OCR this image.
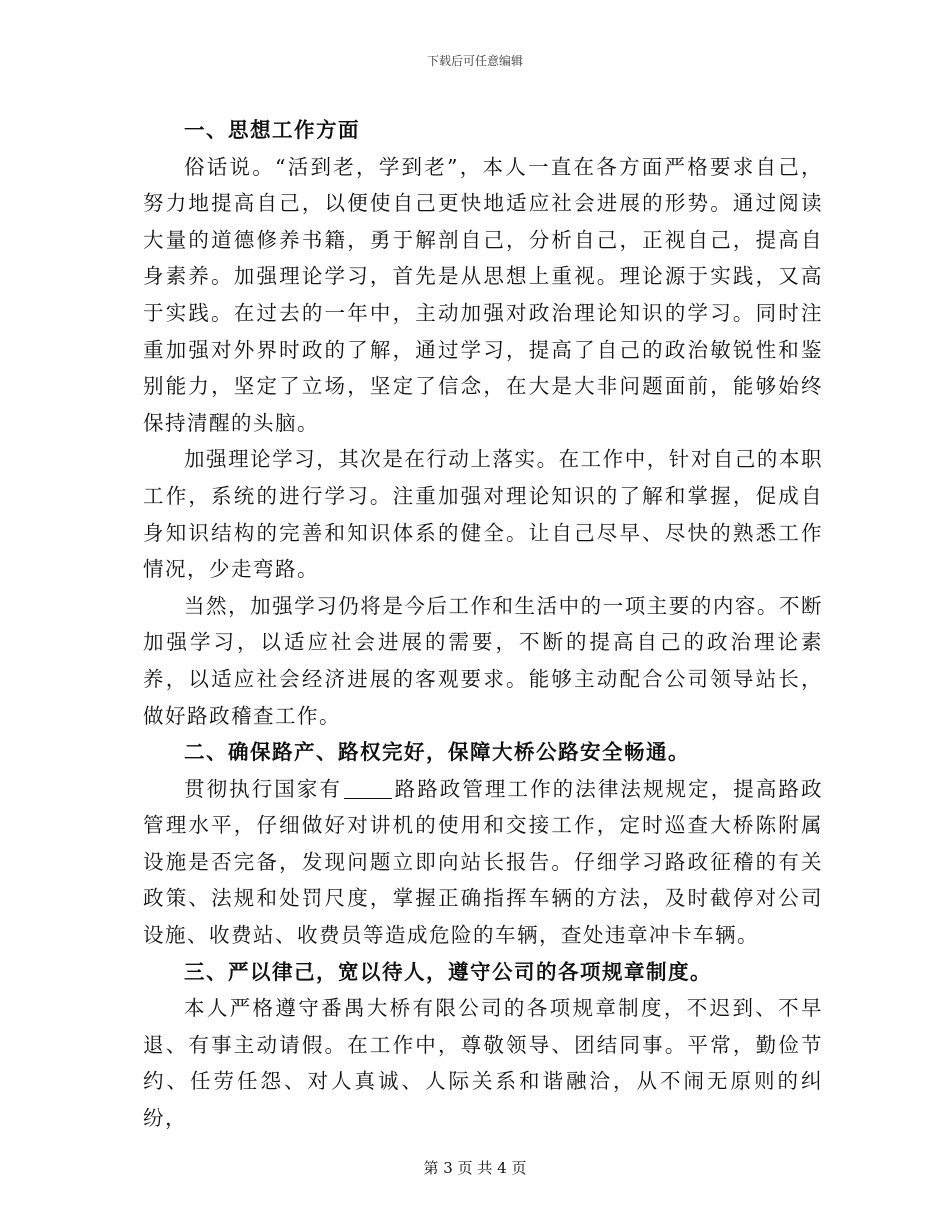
下载后可任意编辑
一、思想工作方面

俗话说。“活到老，学到老”，本人一直在各方面严格要求自己，努力地提高自己，以便使自己更快地适应社会进展的形势。通过阅读大量的道德修养书籍，勇于解剖自己，分析自己，正视自己，提高自身素养。加强理论学习，首先是从思想上重视。理论源于实践，又高于实践。在过去的一年中，主动加强对政治理论知识的学习。同时注重加强对外界时政的了解，通过学习，提高了自己的政治敏锐性和鉴别能力，坚定了立场，坚定了信念，在大是大非问题面前，能够始终保持清醒的头脑。

加强理论学习，其次是在行动上落实。在工作中，针对自己的本职工作，系统的进行学习。注重加强对理论知识的了解和掌握，促成自身知识结构的完善和知识体系的健全。让自己尽早、尽快的熟悉工作情况，少走弯路。

当然，加强学习仍将是今后工作和生活中的一项主要的内容。不断加强学习，以适应社会进展的需要，不断的提高自己的政治理论素养，以适应社会经济进展的客观要求。能够主动配合公司领导站长，做好路政稽查工作。

二、确保路产、路权完好，保障大桥公路安全畅通。

贯彻执行国家有	路路政管理工作的法律法规规定，提高路政管理水平，仔细做好对讲机的使用和交接工作，定时巡查大桥陈附属设施是否完备，发现问题立即向站长报告。仔细学习路政征稽的有关政策、法规和处罚尺度，掌握正确指挥车辆的方法，及时截停对公司设施、收费站、收费员等造成危险的车辆，查处违章冲卡车辆。

三、严以律己，宽以待人，遵守公司的各项规章制度。

本人严格遵守番禺大桥有限公司的各项规章制度，不迟到、不早退、有事主动请假。在工作中，尊敬领导、团结同事。平常，勤俭节约、任劳任怨、对人真诚、人际关系和谐融洽，从不闹无原则的纠纷，

第 3 页 共 4 页
